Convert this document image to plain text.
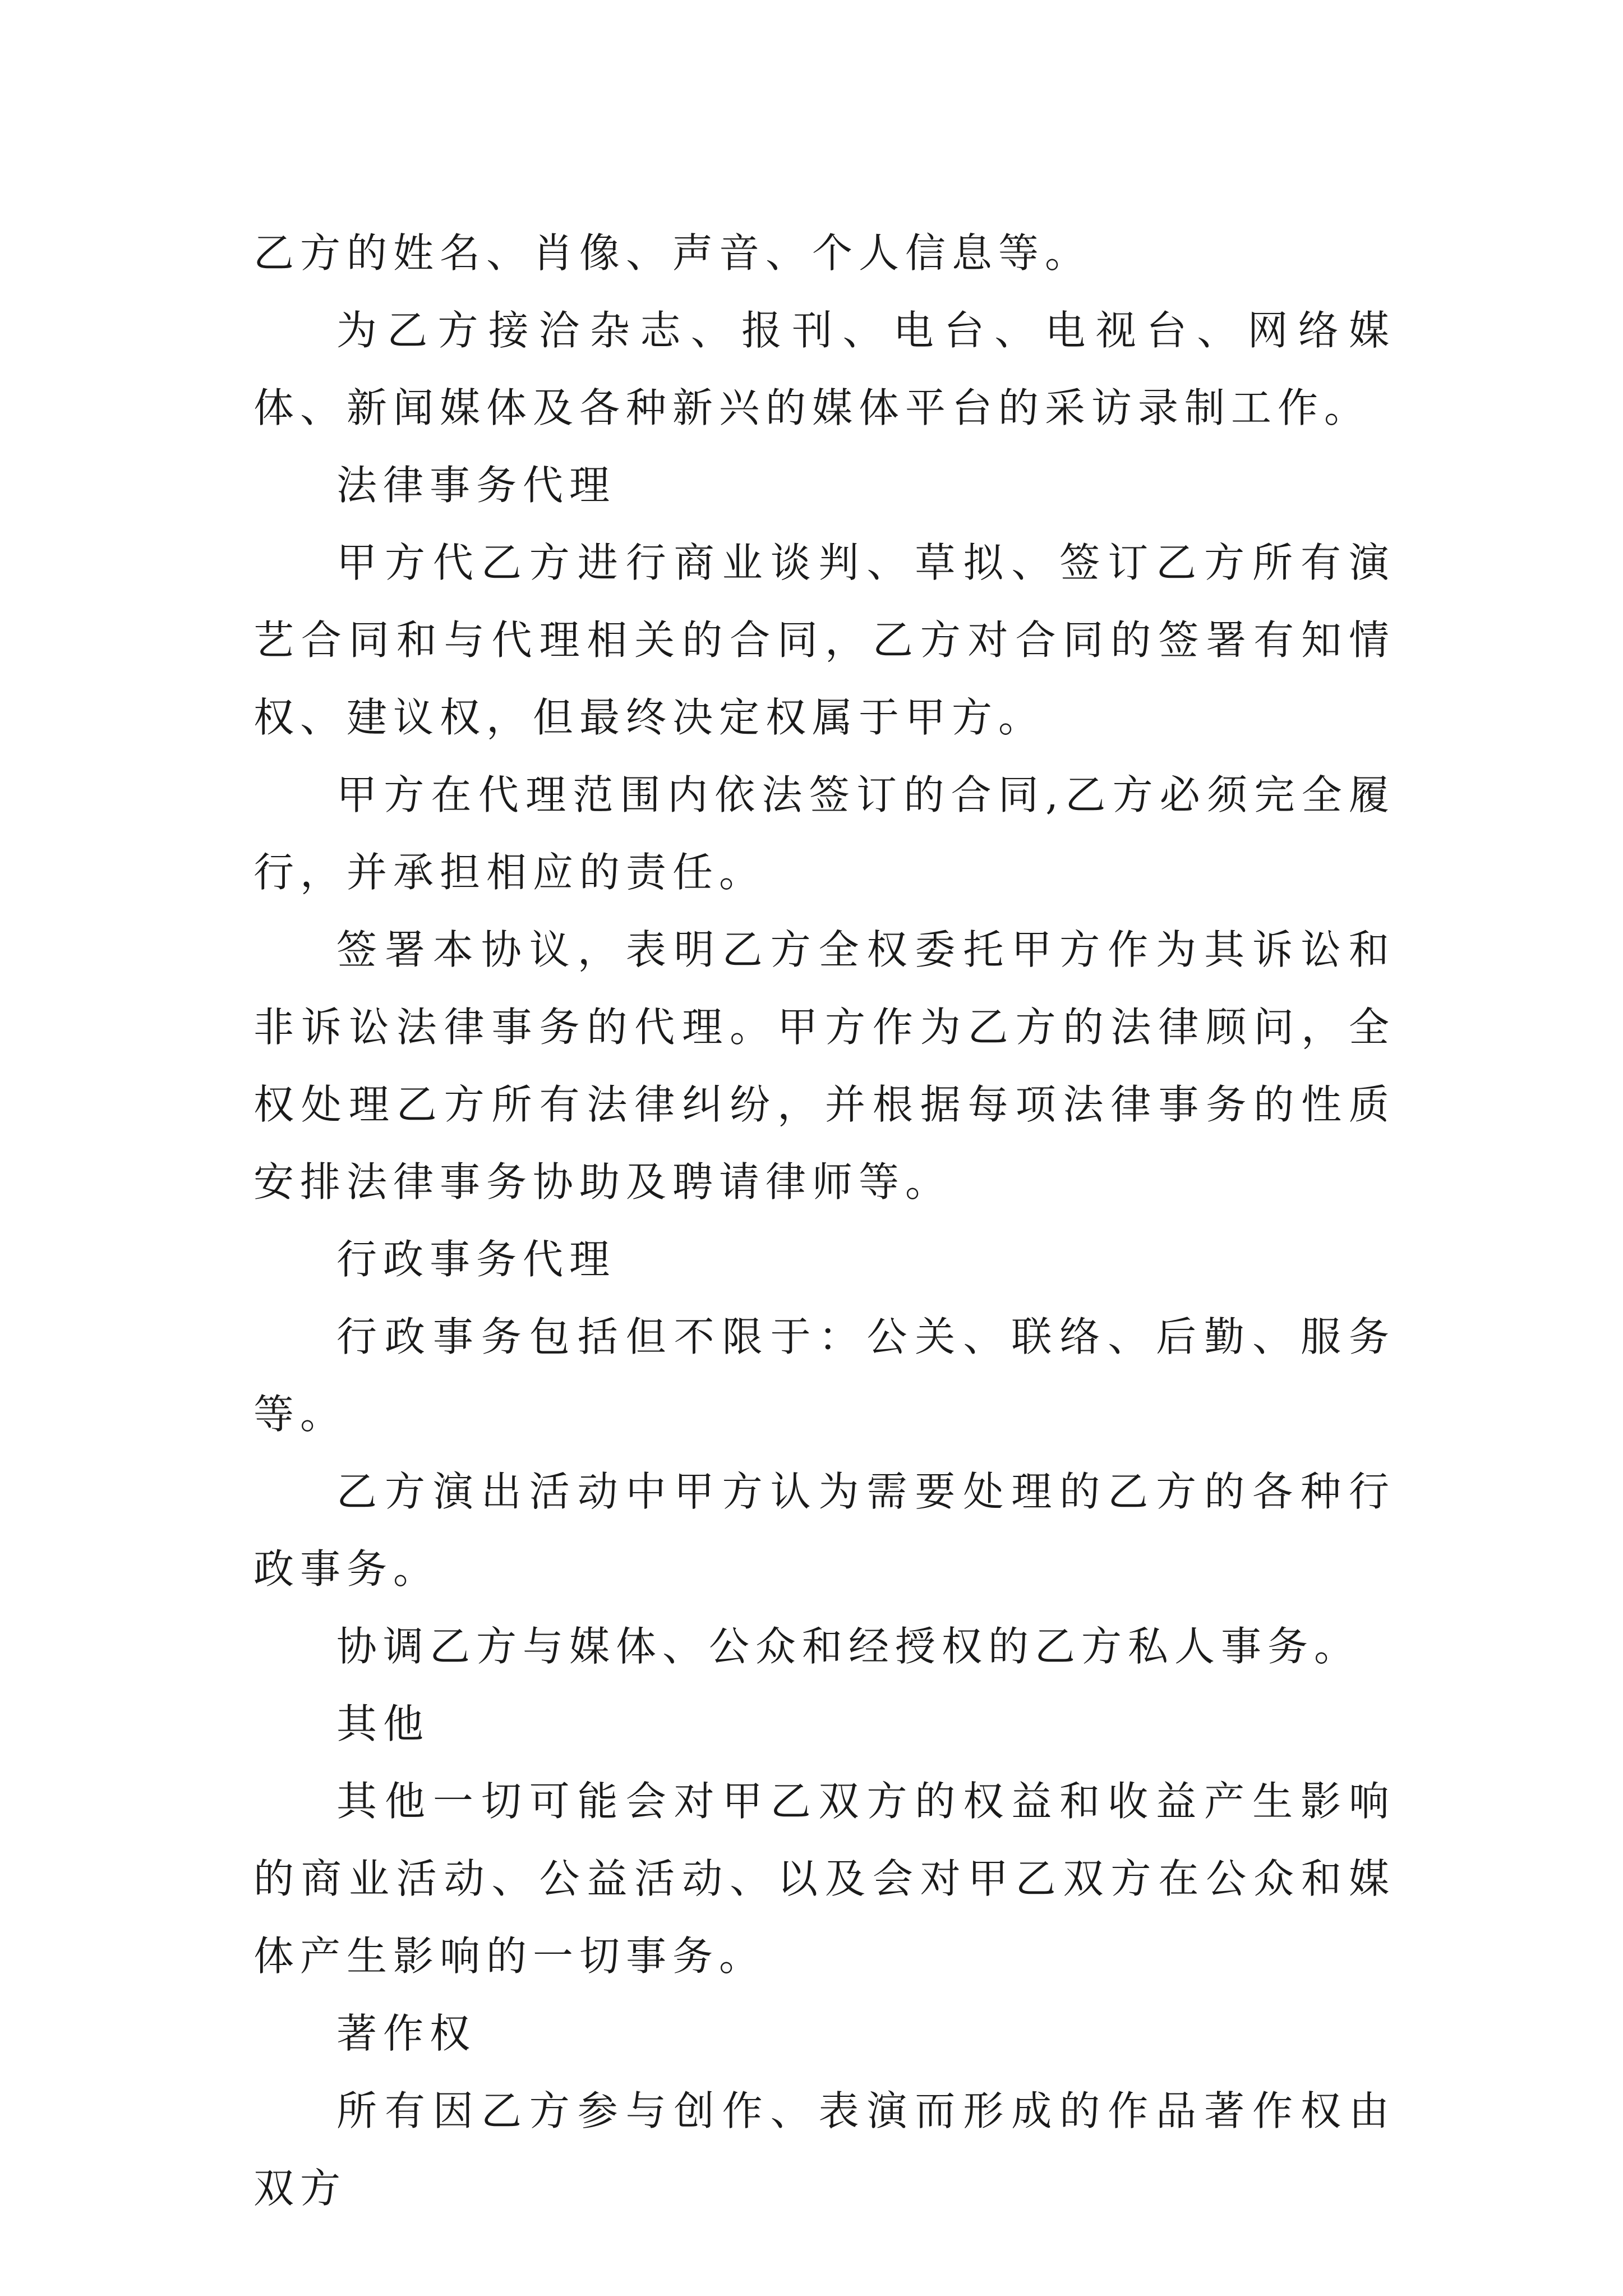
乙方的姓名、肖像、声音、个人信息等。

为乙方接洽杂志、报刊、电台、电视台、网络媒体、新闻媒体及各种新兴的媒体平台的采访录制工作。

法律事务代理

甲方代乙方进行商业谈判、草拟、签订乙方所有演艺合同和与代理相关的合同，乙方对合同的签署有知情权、建议权，但最终决定权属于甲方。

甲方在代理范围内依法签订的合同,乙方必须完全履行，并承担相应的责任。

签署本协议，表明乙方全权委托甲方作为其诉讼和非诉讼法律事务的代理。甲方作为乙方的法律顾问，全权处理乙方所有法律纠纷，并根据每项法律事务的性质安排法律事务协助及聘请律师等。

行政事务代理

行政事务包括但不限于：公关、联络、后勤、服务等。

乙方演出活动中甲方认为需要处理的乙方的各种行政事务。

协调乙方与媒体、公众和经授权的乙方私人事务。

其他

其他一切可能会对甲乙双方的权益和收益产生影响的商业活动、公益活动、以及会对甲乙双方在公众和媒体产生影响的一切事务。

著作权

所有因乙方参与创作、表演而形成的作品著作权由双方
